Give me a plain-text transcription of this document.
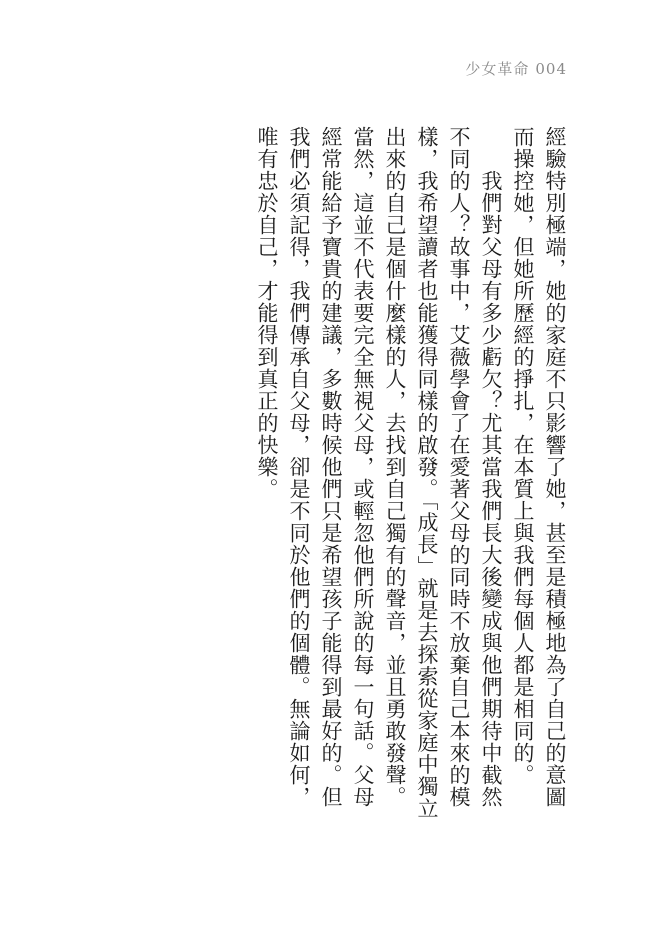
少女革命 004

經驗特別極端，她的家庭不只影響了她，甚至是積極地為了自己的意圖而操控她，但她所歷經的掙扎，在本質上與我們每個人都是相同的。

　　我們對父母有多少虧欠？尤其當我們長大後變成與他們期待中截然不同的人？故事中，艾薇學會了在愛著父母的同時不放棄自己本來的模樣，我希望讀者也能獲得同樣的啟發。「成長」就是去探索從家庭中獨立出來的自己是個什麼樣的人，去找到自己獨有的聲音，並且勇敢發聲。當然，這並不代表要完全無視父母，或輕忽他們所說的每一句話。父母經常能給予寶貴的建議，多數時候他們只是希望孩子能得到最好的。但我們必須記得，我們傳承自父母，卻是不同於他們的個體。無論如何，唯有忠於自己，才能得到真正的快樂。
